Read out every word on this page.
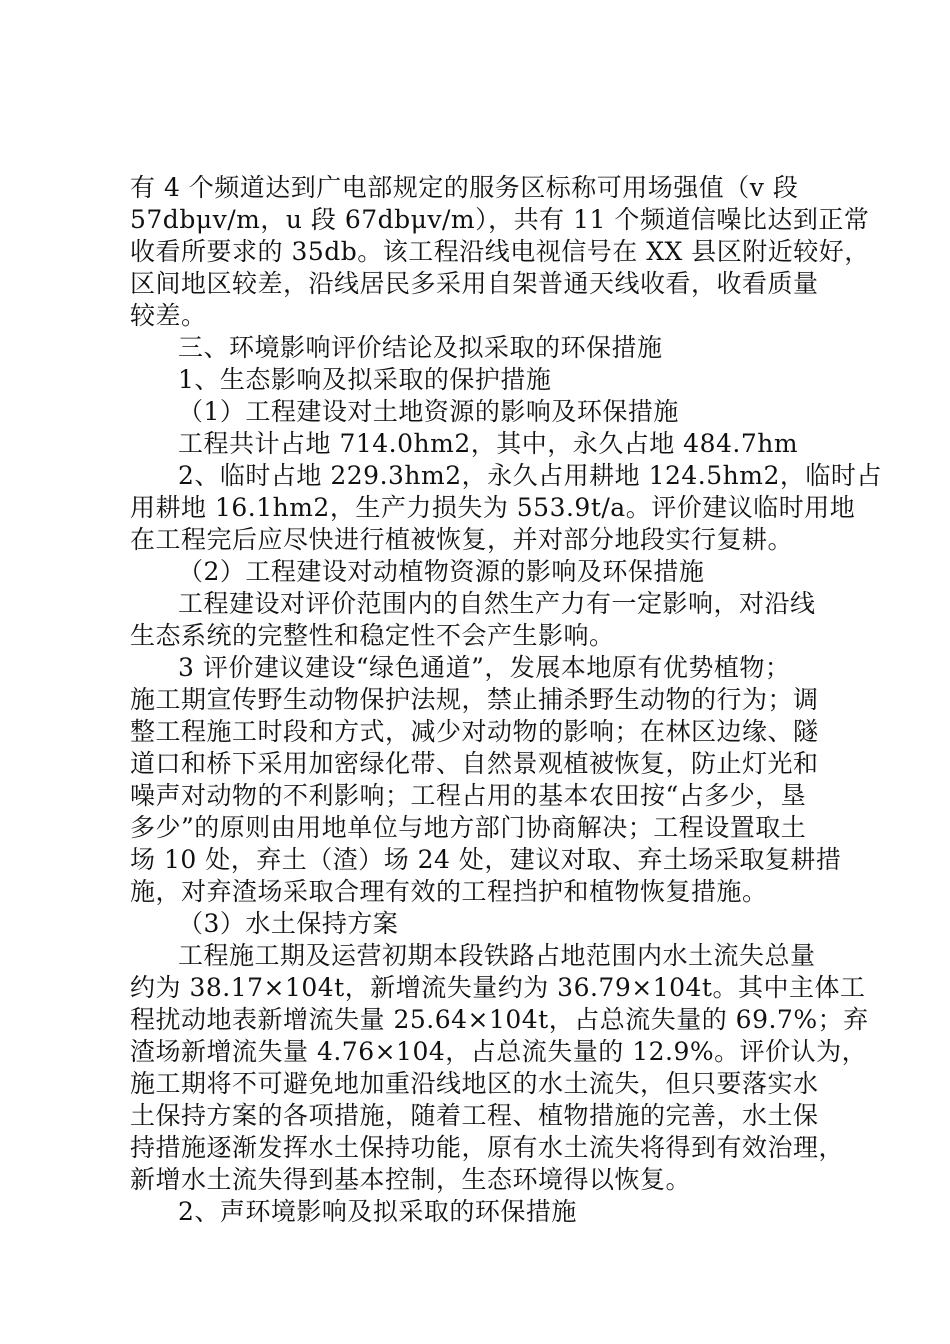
有 4 个频道达到广电部规定的服务区标称可用场强值（v 段
57dbμv/m，u 段 67dbμv/m），共有 11 个频道信噪比达到正常
收看所要求的 35db。该工程沿线电视信号在 XX 县区附近较好，
区间地区较差，沿线居民多采用自架普通天线收看，收看质量
较差。
三、环境影响评价结论及拟采取的环保措施
1、生态影响及拟采取的保护措施
（1）工程建设对土地资源的影响及环保措施
工程共计占地 714.0hm2，其中，永久占地 484.7hm
2、临时占地 229.3hm2，永久占用耕地 124.5hm2，临时占
用耕地 16.1hm2，生产力损失为 553.9t/a。评价建议临时用地
在工程完后应尽快进行植被恢复，并对部分地段实行复耕。
（2）工程建设对动植物资源的影响及环保措施
工程建设对评价范围内的自然生产力有一定影响，对沿线
生态系统的完整性和稳定性不会产生影响。
3 评价建议建设“绿色通道”，发展本地原有优势植物；
施工期宣传野生动物保护法规，禁止捕杀野生动物的行为；调
整工程施工时段和方式，减少对动物的影响；在林区边缘、隧
道口和桥下采用加密绿化带、自然景观植被恢复，防止灯光和
噪声对动物的不利影响；工程占用的基本农田按“占多少，垦
多少”的原则由用地单位与地方部门协商解决；工程设置取土
场 10 处，弃土（渣）场 24 处，建议对取、弃土场采取复耕措
施，对弃渣场采取合理有效的工程挡护和植物恢复措施。
（3）水土保持方案
工程施工期及运营初期本段铁路占地范围内水土流失总量
约为 38.17×104t，新增流失量约为 36.79×104t。其中主体工
程扰动地表新增流失量 25.64×104t，占总流失量的 69.7%；弃
渣场新增流失量 4.76×104，占总流失量的 12.9%。评价认为，
施工期将不可避免地加重沿线地区的水土流失，但只要落实水
土保持方案的各项措施，随着工程、植物措施的完善，水土保
持措施逐渐发挥水土保持功能，原有水土流失将得到有效治理，
新增水土流失得到基本控制，生态环境得以恢复。
2、声环境影响及拟采取的环保措施
